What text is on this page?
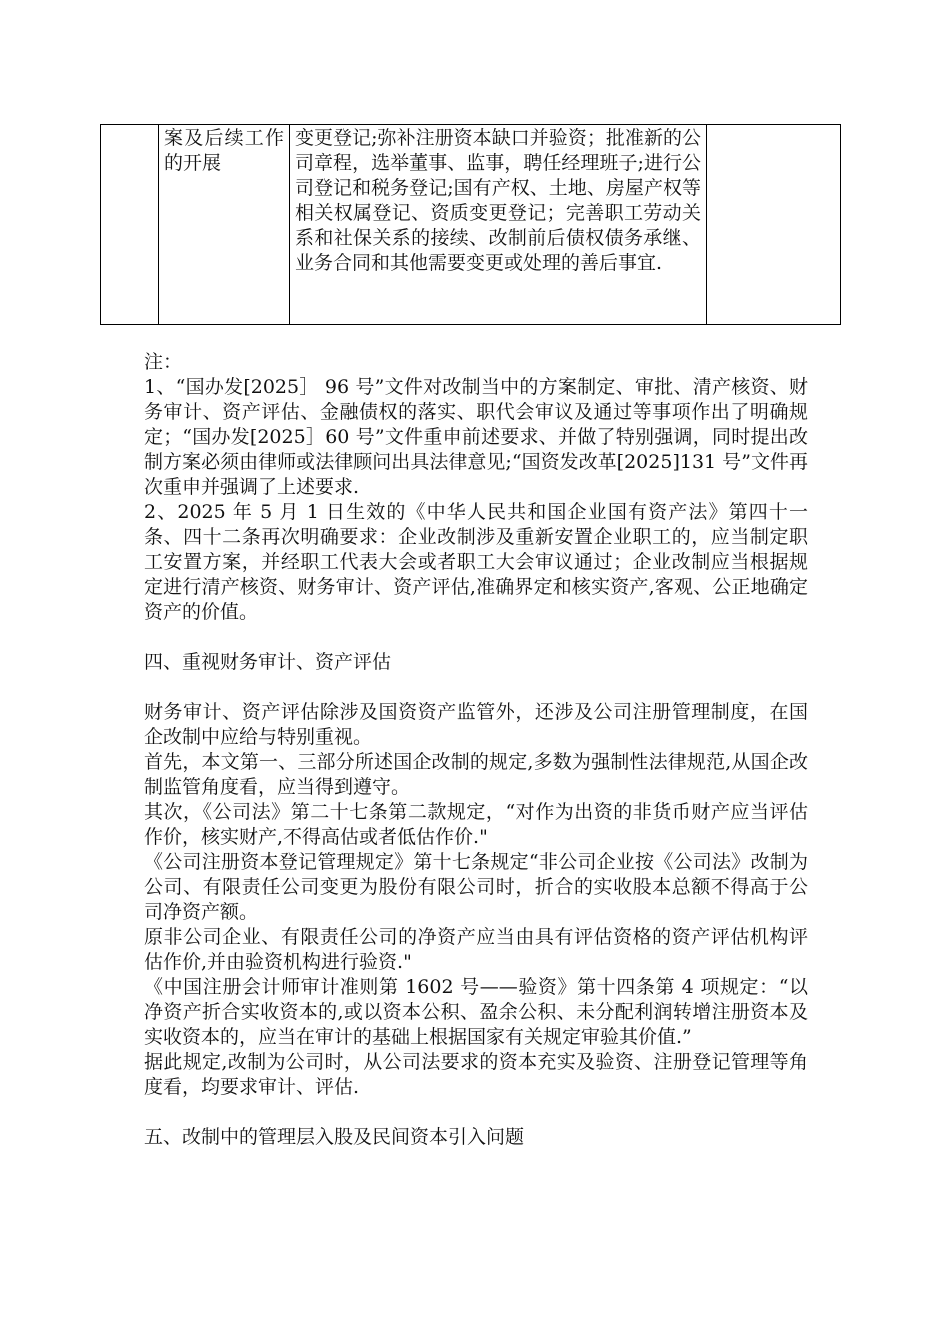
	案及后续工作的开展	变更登记;弥补注册资本缺口并验资；批准新的公司章程，选举董事、监事，聘任经理班子;进行公司登记和税务登记;国有产权、土地、房屋产权等相关权属登记、资质变更登记；完善职工劳动关系和社保关系的接续、改制前后债权债务承继、业务合同和其他需要变更或处理的善后事宜.	

注：

1、“国办发[2025］ 96 号”文件对改制当中的方案制定、审批、清产核资、财务审计、资产评估、金融债权的落实、职代会审议及通过等事项作出了明确规定；“国办发[2025］60 号”文件重申前述要求、并做了特别强调，同时提出改制方案必须由律师或法律顾问出具法律意见;“国资发改革[2025]131 号”文件再次重申并强调了上述要求.

2、2025 年 5 月 1 日生效的《中华人民共和国企业国有资产法》第四十一条、四十二条再次明确要求：企业改制涉及重新安置企业职工的，应当制定职工安置方案，并经职工代表大会或者职工大会审议通过；企业改制应当根据规定进行清产核资、财务审计、资产评估,准确界定和核实资产,客观、公正地确定资产的价值。

四、重视财务审计、资产评估

财务审计、资产评估除涉及国资资产监管外，还涉及公司注册管理制度，在国企改制中应给与特别重视。

首先，本文第一、三部分所述国企改制的规定,多数为强制性法律规范,从国企改制监管角度看，应当得到遵守。

其次，《公司法》第二十七条第二款规定，“对作为出资的非货币财产应当评估作价，核实财产,不得高估或者低估作价."

《公司注册资本登记管理规定》第十七条规定“非公司企业按《公司法》改制为公司、有限责任公司变更为股份有限公司时，折合的实收股本总额不得高于公司净资产额。

原非公司企业、有限责任公司的净资产应当由具有评估资格的资产评估机构评估作价,并由验资机构进行验资."

《中国注册会计师审计准则第 1602 号——验资》第十四条第 4 项规定：“以净资产折合实收资本的,或以资本公积、盈余公积、未分配利润转增注册资本及实收资本的，应当在审计的基础上根据国家有关规定审验其价值.”

据此规定,改制为公司时，从公司法要求的资本充实及验资、注册登记管理等角度看，均要求审计、评估.

五、改制中的管理层入股及民间资本引入问题
